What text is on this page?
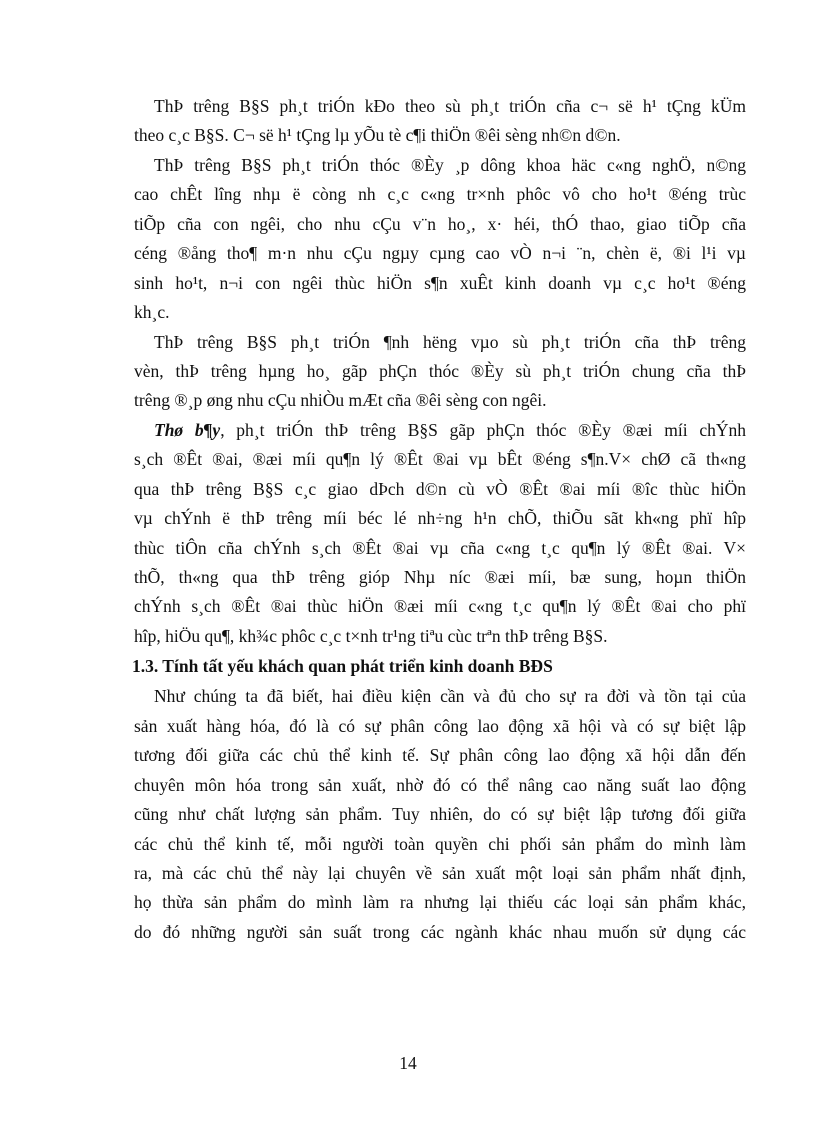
ThÞ trêng B§S ph¸t triÓn kÐo theo sù ph¸t triÓn cña c¬ së h¹ tÇng kÜm
theo c¸c B§S. C¬ së h¹ tÇng lµ yÕu tè c¶i thiÖn ®êi sèng nh©n d©n.
ThÞ trêng B§S ph¸t triÓn thóc ®Èy ¸p dông khoa häc c«ng nghÖ, n©ng
cao chÊt lîng nhµ ë còng nh c¸c c«ng tr×nh phôc vô cho ho¹t ®éng trùc
tiÕp cña con ngêi, cho nhu cÇu v¨n ho¸, x· héi, thÓ thao, giao tiÕp cña
céng ®ång tho¶ m·n nhu cÇu ngµy cµng cao vÒ n¬i ¨n, chèn ë, ®i l¹i vµ
sinh ho¹t, n¬i con ngêi thùc hiÖn s¶n xuÊt kinh doanh vµ c¸c ho¹t ®éng
kh¸c.
ThÞ trêng B§S ph¸t triÓn ¶nh hëng vµo sù ph¸t triÓn cña thÞ trêng
vèn, thÞ trêng hµng ho¸ gãp phÇn thóc ®Èy sù ph¸t triÓn chung cña thÞ
trêng ®¸p øng nhu cÇu nhiÒu mÆt cña ®êi sèng con ngêi.
Thø b¶y, ph¸t triÓn thÞ trêng B§S gãp phÇn thóc ®Èy ®æi míi chÝnh
s¸ch ®Êt ®ai, ®æi míi qu¶n lý ®Êt ®ai vµ bÊt ®éng s¶n.V× chØ cã th«ng
qua thÞ trêng B§S c¸c giao dÞch d©n cù vÒ ®Êt ®ai míi ®îc thùc hiÖn
vµ chÝnh ë thÞ trêng míi béc lé nh÷ng h¹n chÕ, thiÕu sãt kh«ng phï hîp
thùc tiÔn cña chÝnh s¸ch ®Êt ®ai vµ cña c«ng t¸c qu¶n lý ®Êt ®ai. V×
thÕ, th«ng qua thÞ trêng gióp Nhµ níc ®æi míi, bæ sung, hoµn thiÖn
chÝnh s¸ch ®Êt ®ai thùc hiÖn ®æi míi c«ng t¸c qu¶n lý ®Êt ®ai cho phï
hîp, hiÖu qu¶, kh¾c phôc c¸c t×nh tr¹ng tiªu cùc trªn thÞ trêng B§S.
1.3. Tính tất yếu khách quan phát triển kinh doanh BĐS
Như chúng ta đã biết, hai điều kiện cần và đủ cho sự ra đời và tồn tại của
sản xuất hàng hóa, đó là có sự phân công lao động xã hội và có sự biệt lập
tương đối giữa các chủ thể kinh tế. Sự phân công lao động xã hội dẫn đến
chuyên môn hóa trong sản xuất, nhờ đó có thể nâng cao năng suất lao động
cũng như chất lượng sản phẩm. Tuy nhiên, do có sự biệt lập tương đối giữa
các chủ thể kinh tế, mỗi người toàn quyền chi phối sản phẩm do mình làm
ra, mà các chủ thể này lại chuyên về sản xuất một loại sản phẩm nhất định,
họ thừa sản phẩm do mình làm ra nhưng lại thiếu các loại sản phẩm khác,
do đó những người sản suất trong các ngành khác nhau muốn sử dụng các
14
